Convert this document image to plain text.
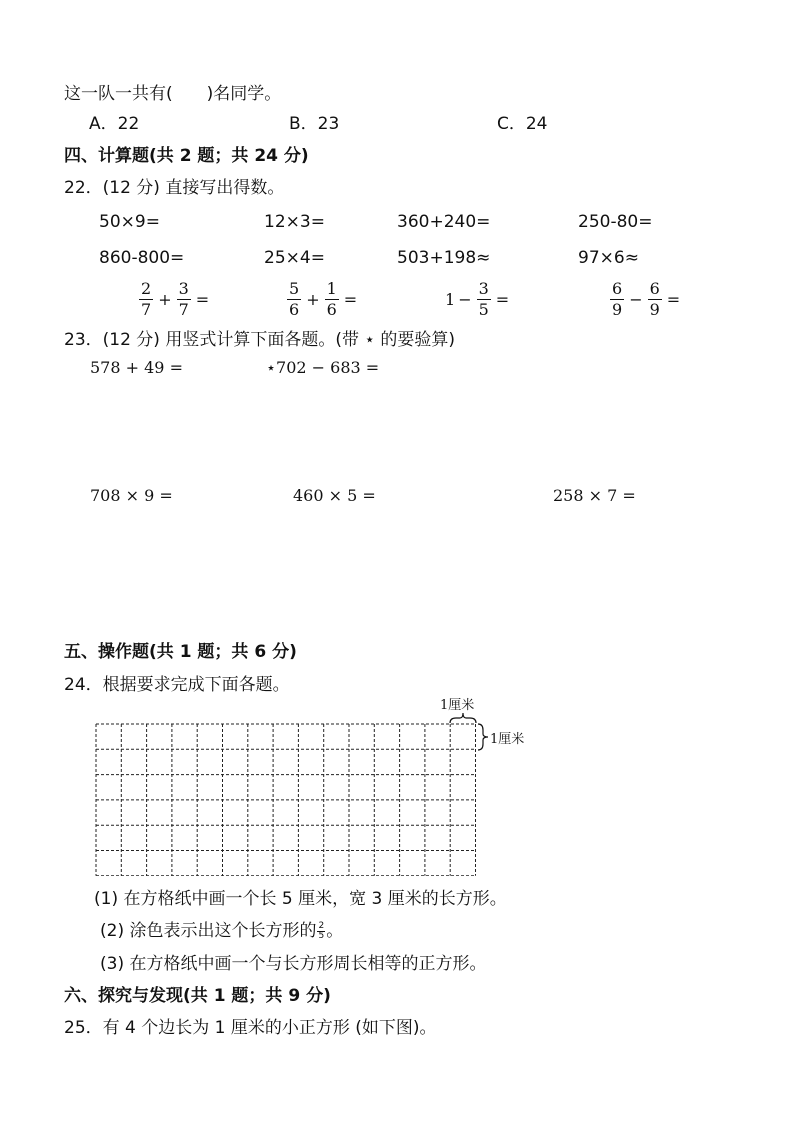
这一队一共有(　　)名同学。
A．22	B．23	C．24
四、计算题(共 2 题；共 24 分)
22．(12 分) 直接写出得数。
50×9=	12×3=	360+240=	250-80=
860-800=	25×4=	503+198≈	97×6≈
$\frac{2}{7} + \frac{3}{7}$ =	$\frac{5}{6} + \frac{1}{6}$ =	$1 - \frac{3}{5}$ =	$\frac{6}{9} - \frac{6}{9}$ =
23．(12 分) 用竖式计算下面各题。(带 ⋆ 的要验算)
578 + 49 =	⋆702 − 683 =
708 × 9 =	460 × 5 =	258 × 7 =
五、操作题(共 1 题；共 6 分)
24．根据要求完成下面各题。
1厘米
1厘米
(1) 在方格纸中画一个长 5 厘米，宽 3 厘米的长方形。
(2) 涂色表示出这个长方形的 $\frac{2}{5}$ 。
(3) 在方格纸中画一个与长方形周长相等的正方形。
六、探究与发现(共 1 题；共 9 分)
25．有 4 个边长为 1 厘米的小正方形 (如下图)。
